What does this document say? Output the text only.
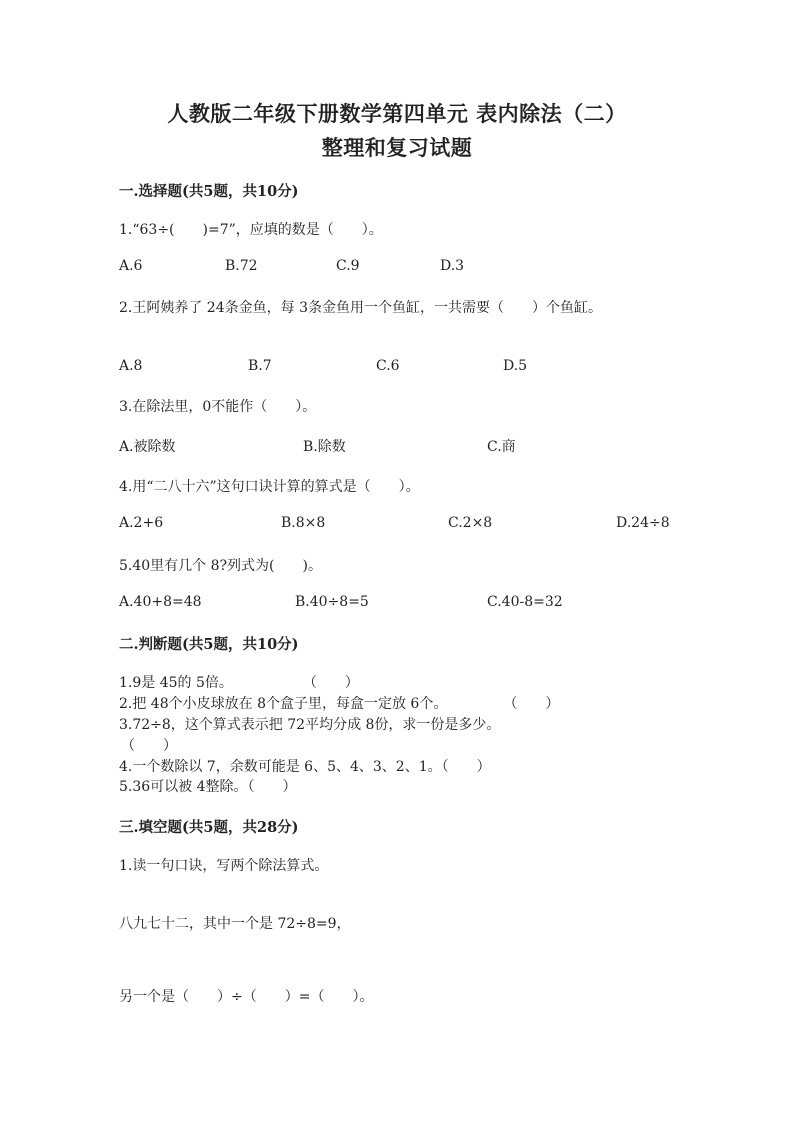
人教版二年级下册数学第四单元 表内除法（二）
整理和复习试题
一.选择题(共5题，共10分)
1.“63÷(　　)=7”，应填的数是（　　）。
A.6	B.72	C.9	D.3
2.王阿姨养了 24条金鱼，每 3条金鱼用一个鱼缸，一共需要（　　）个鱼缸。
A.8	B.7	C.6	D.5
3.在除法里，0不能作（　　）。
A.被除数	B.除数	C.商
4.用“二八十六”这句口诀计算的算式是（　　）。
A.2+6	B.8×8	C.2×8	D.24÷8
5.40里有几个 8?列式为(　　)。
A.40+8=48	B.40÷8=5	C.40-8=32
二.判断题(共5题，共10分)
1.9是 45的 5倍。　　　　　　（　　）
2.把 48个小皮球放在 8个盒子里，每盒一定放 6个。　　　　　（　　）
3.72÷8，这个算式表示把 72平均分成 8份，求一份是多少。
（　　）
4.一个数除以 7，余数可能是 6、5、4、3、2、1。（　　）
5.36可以被 4整除。（　　）
三.填空题(共5题，共28分)
1.读一句口诀，写两个除法算式。
八九七十二，其中一个是 72÷8=9，
另一个是（　　）÷（　　）=（　　）。
